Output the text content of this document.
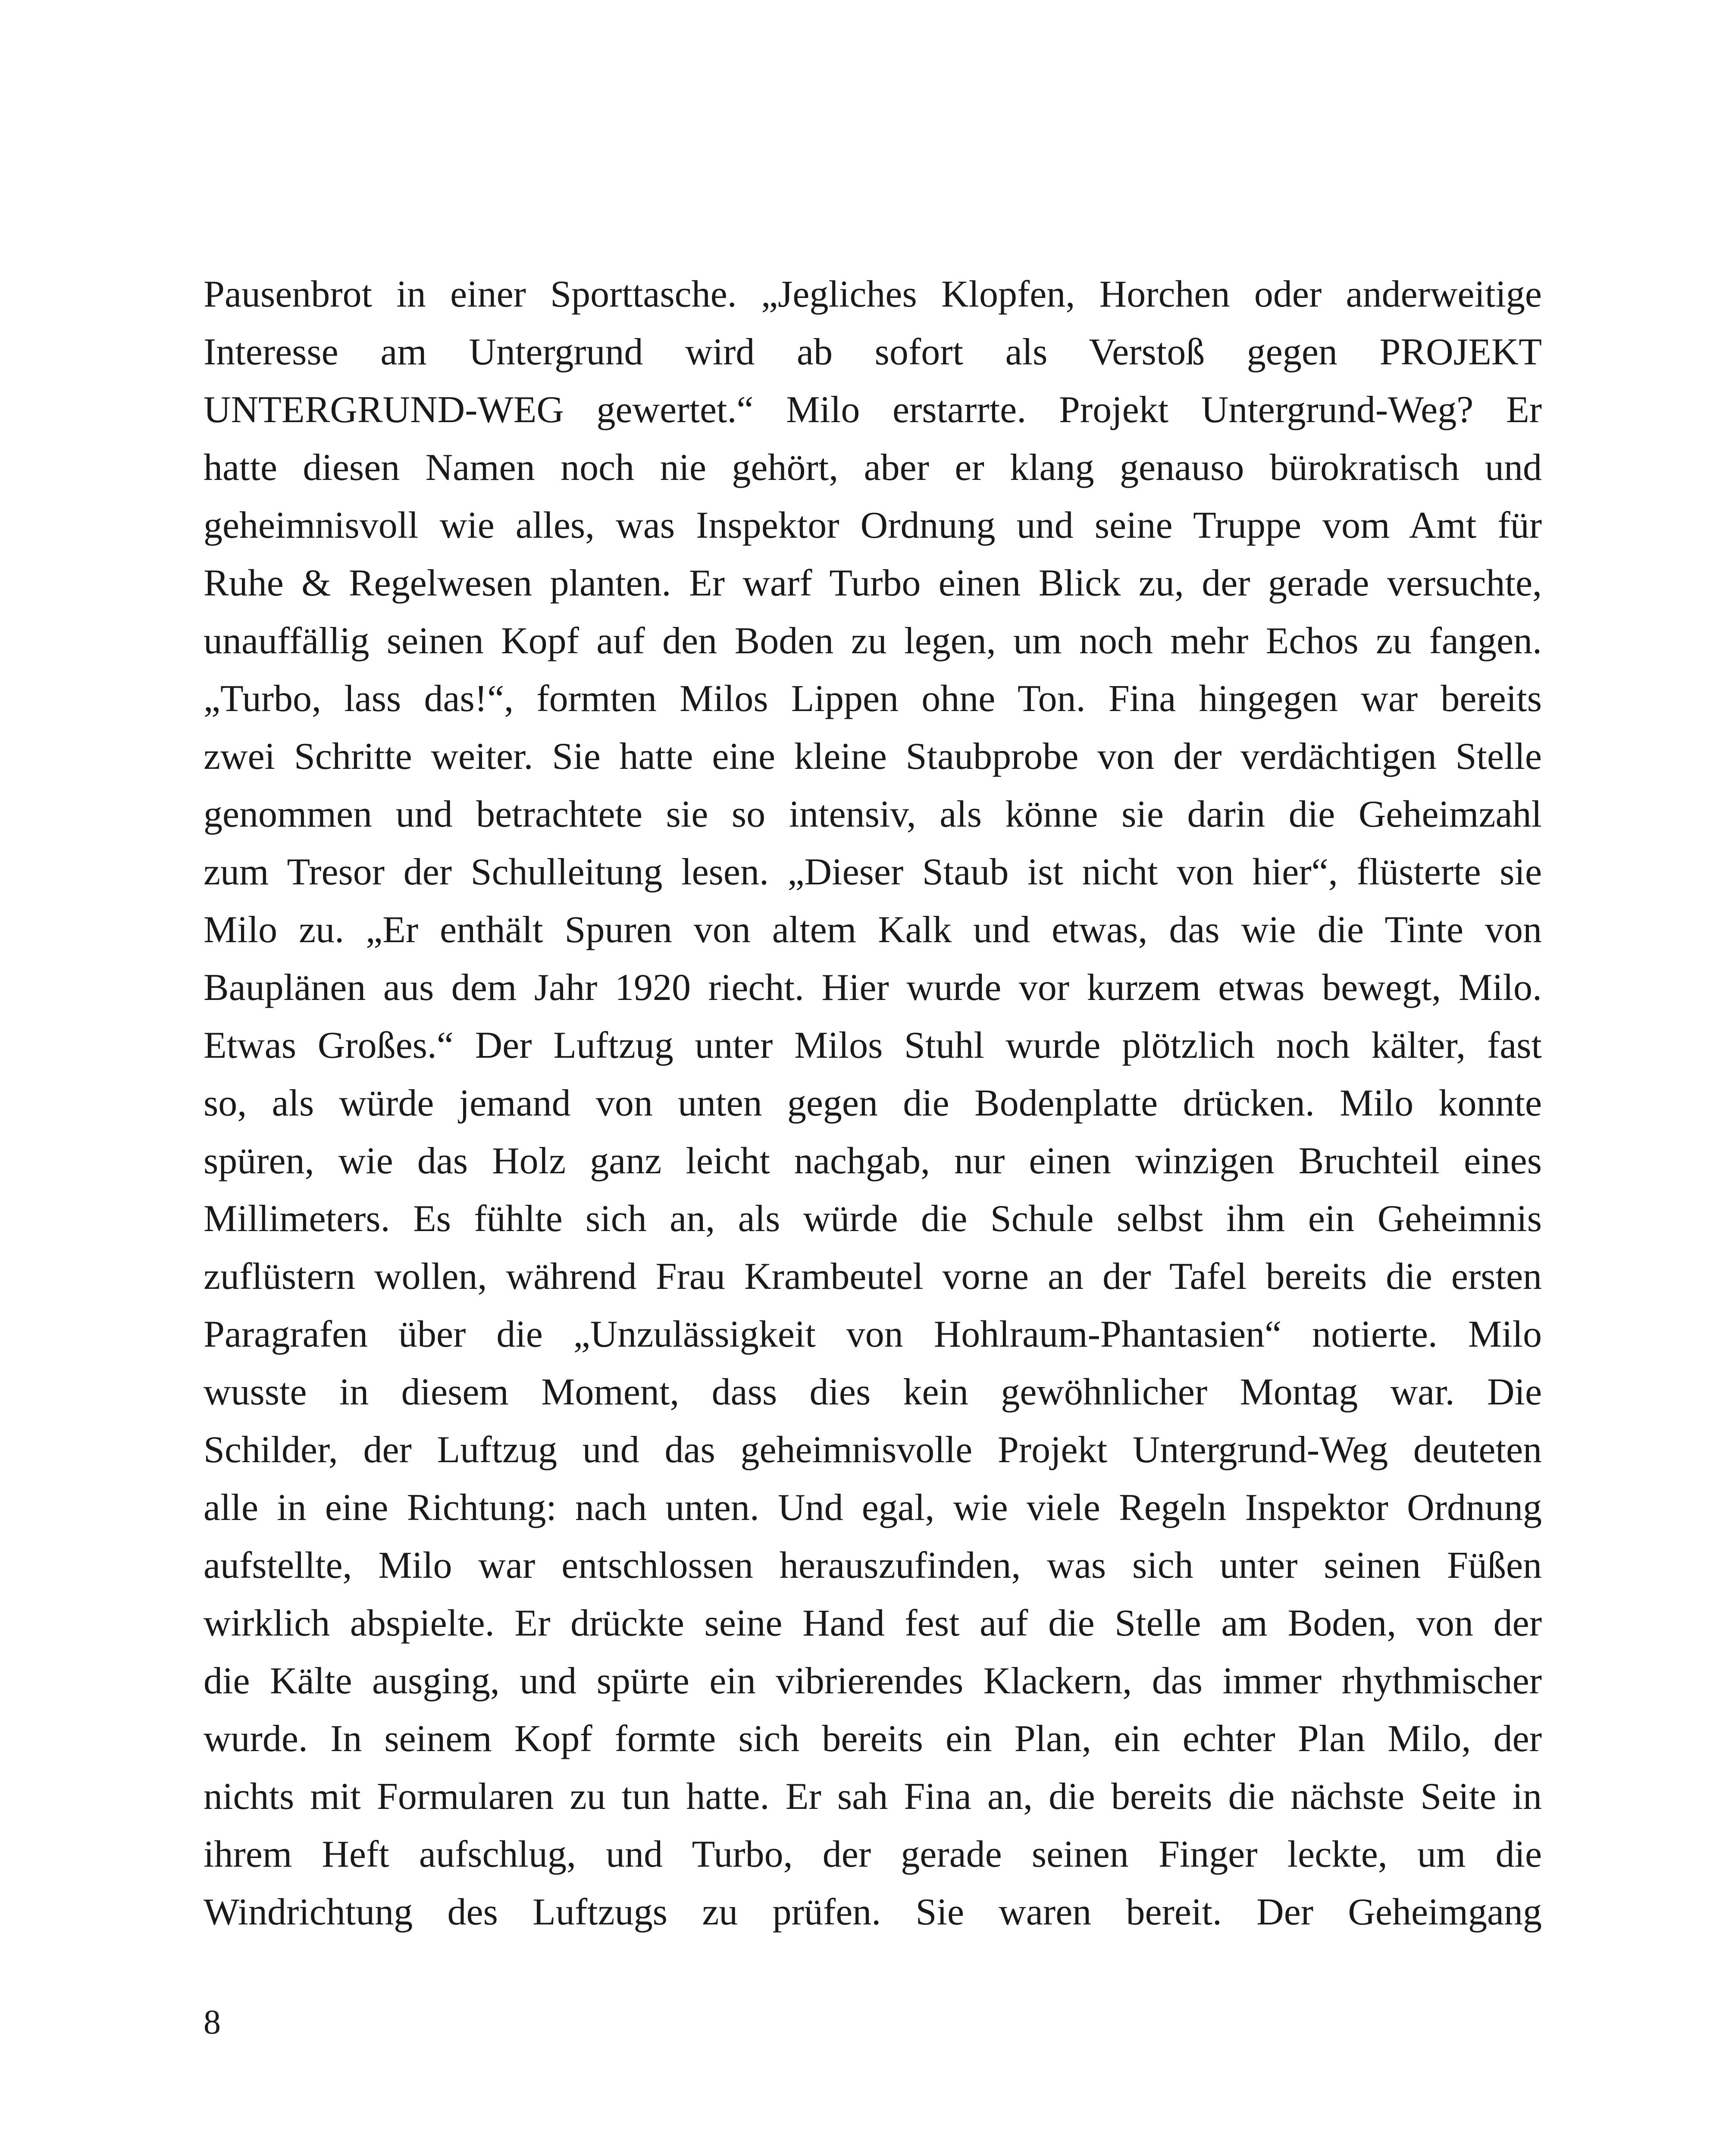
Pausenbrot in einer Sporttasche. „Jegliches Klopfen, Horchen oder anderweitige
Interesse am Untergrund wird ab sofort als Verstoß gegen PROJEKT
UNTERGRUND-WEG gewertet.“ Milo erstarrte. Projekt Untergrund-Weg? Er
hatte diesen Namen noch nie gehört, aber er klang genauso bürokratisch und
geheimnisvoll wie alles, was Inspektor Ordnung und seine Truppe vom Amt für
Ruhe & Regelwesen planten. Er warf Turbo einen Blick zu, der gerade versuchte,
unauffällig seinen Kopf auf den Boden zu legen, um noch mehr Echos zu fangen.
„Turbo, lass das!“, formten Milos Lippen ohne Ton. Fina hingegen war bereits
zwei Schritte weiter. Sie hatte eine kleine Staubprobe von der verdächtigen Stelle
genommen und betrachtete sie so intensiv, als könne sie darin die Geheimzahl
zum Tresor der Schulleitung lesen. „Dieser Staub ist nicht von hier“, flüsterte sie
Milo zu. „Er enthält Spuren von altem Kalk und etwas, das wie die Tinte von
Bauplänen aus dem Jahr 1920 riecht. Hier wurde vor kurzem etwas bewegt, Milo.
Etwas Großes.“ Der Luftzug unter Milos Stuhl wurde plötzlich noch kälter, fast
so, als würde jemand von unten gegen die Bodenplatte drücken. Milo konnte
spüren, wie das Holz ganz leicht nachgab, nur einen winzigen Bruchteil eines
Millimeters. Es fühlte sich an, als würde die Schule selbst ihm ein Geheimnis
zuflüstern wollen, während Frau Krambeutel vorne an der Tafel bereits die ersten
Paragrafen über die „Unzulässigkeit von Hohlraum-Phantasien“ notierte. Milo
wusste in diesem Moment, dass dies kein gewöhnlicher Montag war. Die
Schilder, der Luftzug und das geheimnisvolle Projekt Untergrund-Weg deuteten
alle in eine Richtung: nach unten. Und egal, wie viele Regeln Inspektor Ordnung
aufstellte, Milo war entschlossen herauszufinden, was sich unter seinen Füßen
wirklich abspielte. Er drückte seine Hand fest auf die Stelle am Boden, von der
die Kälte ausging, und spürte ein vibrierendes Klackern, das immer rhythmischer
wurde. In seinem Kopf formte sich bereits ein Plan, ein echter Plan Milo, der
nichts mit Formularen zu tun hatte. Er sah Fina an, die bereits die nächste Seite in
ihrem Heft aufschlug, und Turbo, der gerade seinen Finger leckte, um die
Windrichtung des Luftzugs zu prüfen. Sie waren bereit. Der Geheimgang
8
